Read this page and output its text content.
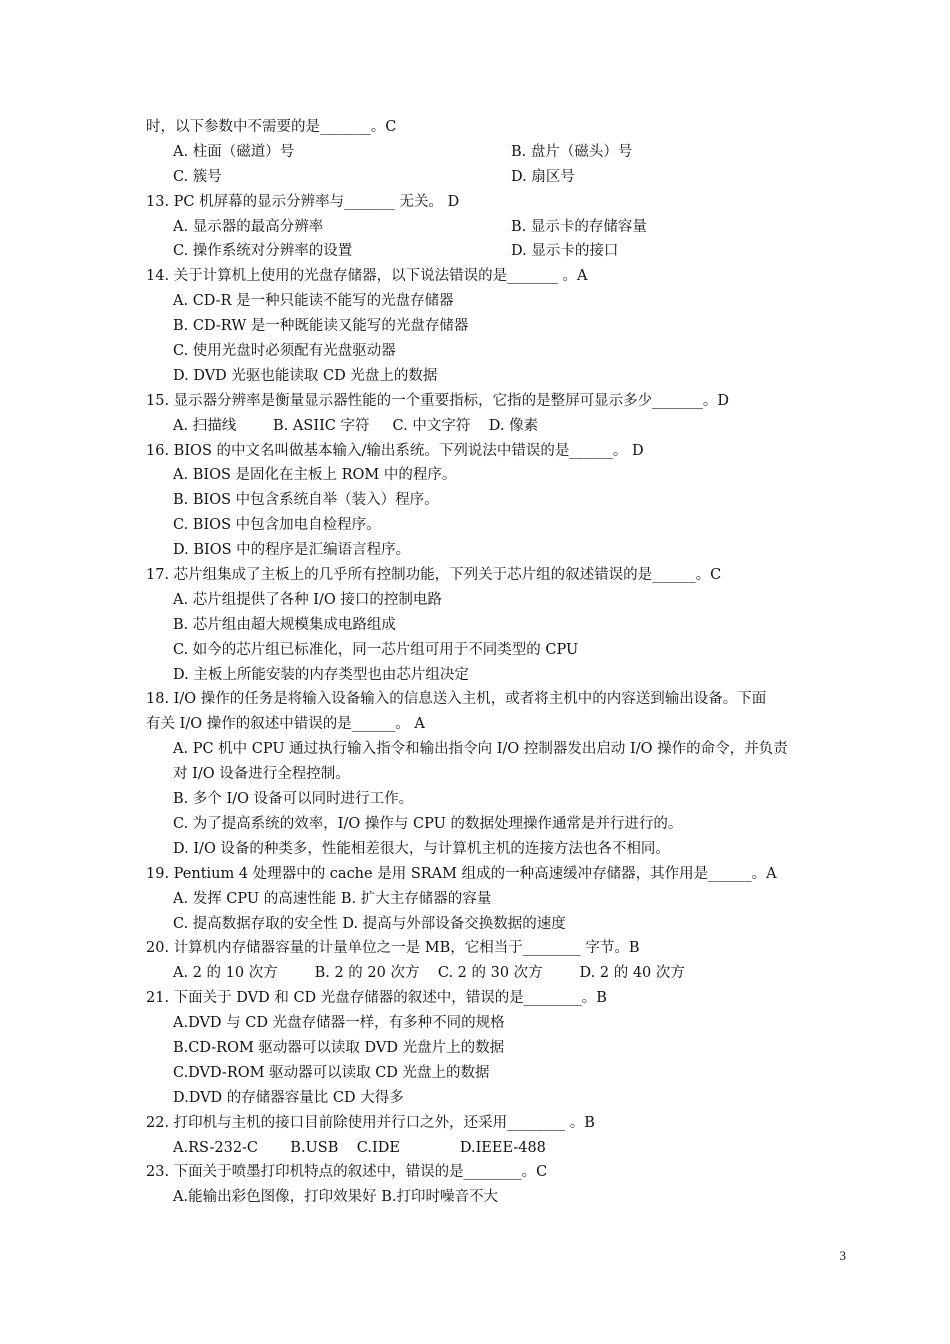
时，以下参数中不需要的是_______。C
A. 柱面（磁道）号	B. 盘片（磁头）号
C. 簇号	D. 扇区号
13. PC 机屏幕的显示分辨率与_______ 无关。 D
A. 显示器的最高分辨率	B. 显示卡的存储容量
C. 操作系统对分辨率的设置	D. 显示卡的接口
14. 关于计算机上使用的光盘存储器，以下说法错误的是_______ 。A
A. CD-R 是一种只能读不能写的光盘存储器
B. CD-RW 是一种既能读又能写的光盘存储器
C. 使用光盘时必须配有光盘驱动器
D. DVD 光驱也能读取 CD 光盘上的数据
15. 显示器分辨率是衡量显示器性能的一个重要指标，它指的是整屏可显示多少_______。D
A. 扫描线        B. ASIIC 字符     C. 中文字符    D. 像素
16. BIOS 的中文名叫做基本输入/输出系统。下列说法中错误的是______。 D
A. BIOS 是固化在主板上 ROM 中的程序。
B. BIOS 中包含系统自举（装入）程序。
C. BIOS 中包含加电自检程序。
D. BIOS 中的程序是汇编语言程序。
17. 芯片组集成了主板上的几乎所有控制功能，下列关于芯片组的叙述错误的是______。C
A. 芯片组提供了各种 I/O 接口的控制电路
B. 芯片组由超大规模集成电路组成
C. 如今的芯片组已标准化，同一芯片组可用于不同类型的 CPU
D. 主板上所能安装的内存类型也由芯片组决定
18. I/O 操作的任务是将输入设备输入的信息送入主机，或者将主机中的内容送到输出设备。下面
有关 I/O 操作的叙述中错误的是______。 A
A. PC 机中 CPU 通过执行输入指令和输出指令向 I/O 控制器发出启动 I/O 操作的命令，并负责
对 I/O 设备进行全程控制。
B. 多个 I/O 设备可以同时进行工作。
C. 为了提高系统的效率，I/O 操作与 CPU 的数据处理操作通常是并行进行的。
D. I/O 设备的种类多，性能相差很大，与计算机主机的连接方法也各不相同。
19. Pentium 4 处理器中的 cache 是用 SRAM 组成的一种高速缓冲存储器，其作用是______。A
A. 发挥 CPU 的高速性能 B. 扩大主存储器的容量
C. 提高数据存取的安全性 D. 提高与外部设备交换数据的速度
20. 计算机内存储器容量的计量单位之一是 MB，它相当于________ 字节。B
A. 2 的 10 次方        B. 2 的 20 次方    C. 2 的 30 次方        D. 2 的 40 次方
21. 下面关于 DVD 和 CD 光盘存储器的叙述中，错误的是________。B
A.DVD 与 CD 光盘存储器一样，有多种不同的规格
B.CD-ROM 驱动器可以读取 DVD 光盘片上的数据
C.DVD-ROM 驱动器可以读取 CD 光盘上的数据
D.DVD 的存储器容量比 CD 大得多
22. 打印机与主机的接口目前除使用并行口之外，还采用________ 。B
A.RS-232-C       B.USB    C.IDE             D.IEEE-488
23. 下面关于喷墨打印机特点的叙述中，错误的是________。C
A.能输出彩色图像，打印效果好 B.打印时噪音不大
3
